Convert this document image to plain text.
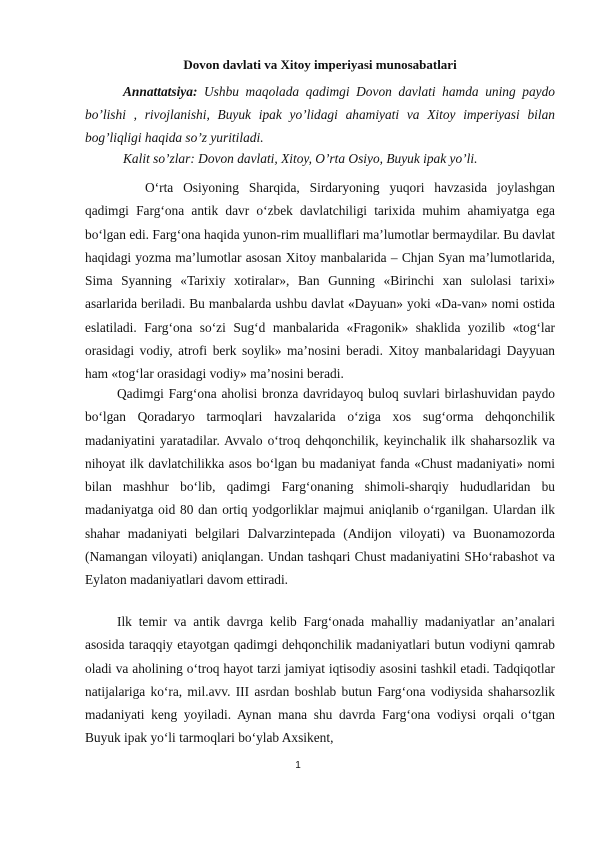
Dovon davlati va Xitoy imperiyasi munosabatlari
Annattatsiya: Ushbu maqolada qadimgi Dovon davlati hamda uning paydo bo’lishi , rivojlanishi, Buyuk ipak yo’lidagi ahamiyati va Xitoy imperiyasi bilan bog’liqligi haqida so’z yuritiladi.
Kalit so’zlar: Dovon davlati, Xitoy, O’rta Osiyo, Buyuk ipak yo’li.
O‘rta Osiyoning Sharqida, Sirdaryoning yuqori havzasida joylashgan qadimgi Farg‘ona antik davr o‘zbek davlatchiligi tarixida muhim ahamiyatga ega bo‘lgan edi. Farg‘ona haqida yunon-rim mualliflari ma’lumotlar bermaydilar. Bu davlat haqidagi yozma ma’lumotlar asosan Xitoy manbalarida – Chjan Syan ma’lumotlarida, Sima Syanning «Tarixiy xotiralar», Ban Gunning «Birinchi xan sulolasi tarixi» asarlarida beriladi. Bu manbalarda ushbu davlat «Dayuan» yoki «Da-van» nomi ostida eslatiladi. Farg‘ona so‘zi Sug‘d manbalarida «Fragonik» shaklida yozilib «tog‘lar orasidagi vodiy, atrofi berk soylik» ma’nosini beradi. Xitoy manbalaridagi Dayyuan ham «tog‘lar orasidagi vodiy» ma’nosini beradi.
Qadimgi Farg‘ona aholisi bronza davridayoq buloq suvlari birlashuvidan paydo bo‘lgan Qoradaryo tarmoqlari havzalarida o‘ziga xos sug‘orma dehqonchilik madaniyatini yaratadilar. Avvalo o‘troq dehqonchilik, keyinchalik ilk shaharsozlik va nihoyat ilk davlatchilikka asos bo‘lgan bu madaniyat fanda «Chust madaniyati» nomi bilan mashhur bo‘lib, qadimgi Farg‘onaning shimoli-sharqiy hududlaridan bu madaniyatga oid 80 dan ortiq yodgorliklar majmui aniqlanib o‘rganilgan. Ulardan ilk shahar madaniyati belgilari Dalvarzintepada (Andijon viloyati) va Buonamozorda (Namangan viloyati) aniqlangan. Undan tashqari Chust madaniyatini SHo‘rabashot va Eylaton madaniyatlari davom ettiradi.
Ilk temir va antik davrga kelib Farg‘onada mahalliy madaniyatlar an’analari asosida taraqqiy etayotgan qadimgi dehqonchilik madaniyatlari butun vodiyni qamrab oladi va aholining o‘troq hayot tarzi jamiyat iqtisodiy asosini tashkil etadi. Tadqiqotlar natijalariga ko‘ra, mil.avv. III asrdan boshlab butun Farg‘ona vodiysida shaharsozlik madaniyati keng yoyiladi. Aynan mana shu davrda Farg‘ona vodiysi orqali o‘tgan Buyuk ipak yo‘li tarmoqlari bo‘ylab Axsikent,
1
